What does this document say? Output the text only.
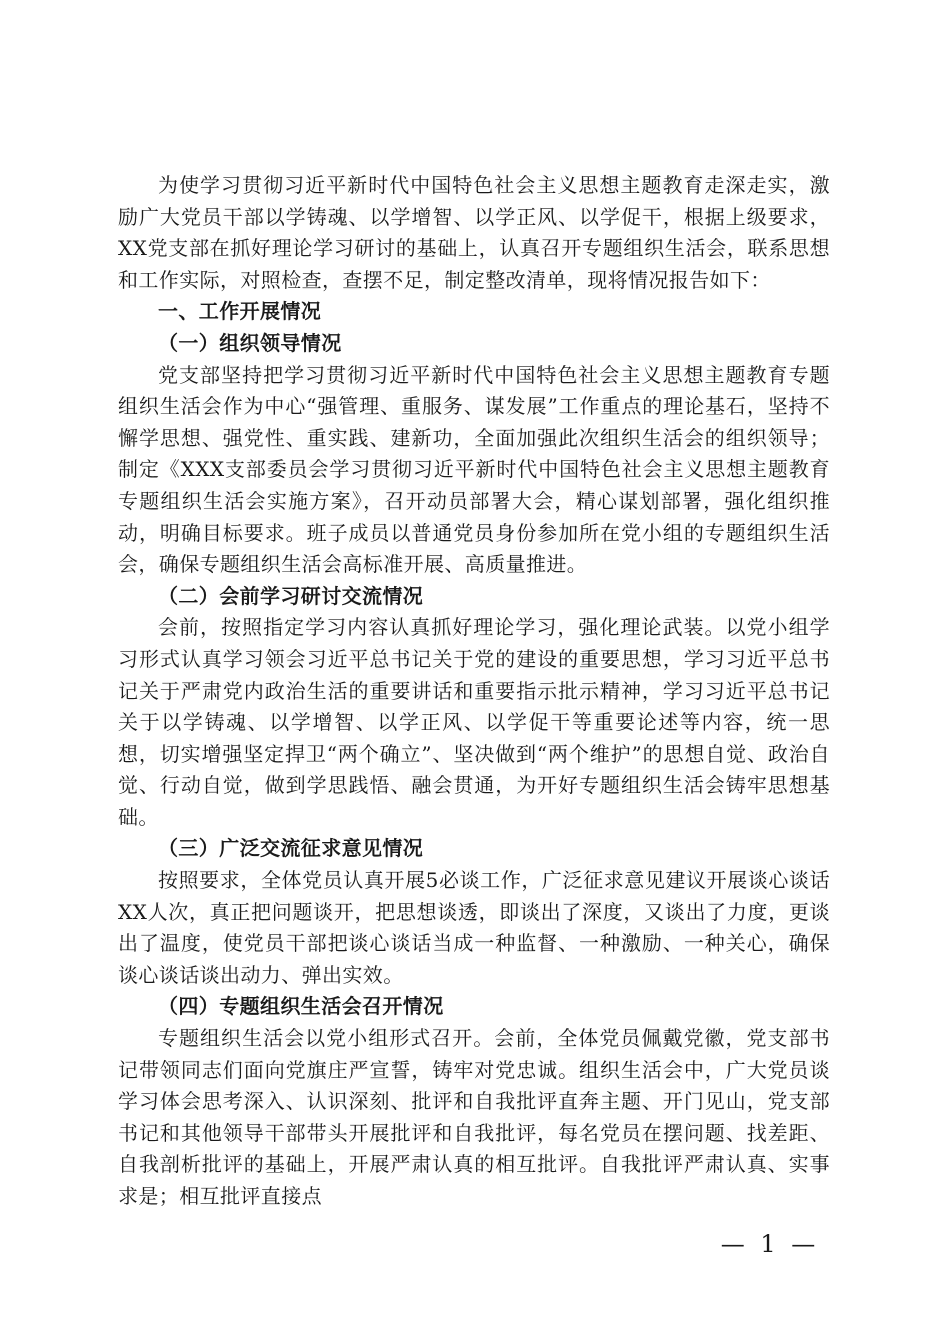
为使学习贯彻习近平新时代中国特色社会主义思想主题教育走深走实，激励广大党员干部以学铸魂、以学增智、以学正风、以学促干，根据上级要求，XX党支部在抓好理论学习研讨的基础上，认真召开专题组织生活会，联系思想和工作实际，对照检查，查摆不足，制定整改清单，现将情况报告如下：

一、工作开展情况

（一）组织领导情况

党支部坚持把学习贯彻习近平新时代中国特色社会主义思想主题教育专题组织生活会作为中心“强管理、重服务、谋发展”工作重点的理论基石，坚持不懈学思想、强党性、重实践、建新功，全面加强此次组织生活会的组织领导；制定《XXX支部委员会学习贯彻习近平新时代中国特色社会主义思想主题教育专题组织生活会实施方案》，召开动员部署大会，精心谋划部署，强化组织推动，明确目标要求。班子成员以普通党员身份参加所在党小组的专题组织生活会，确保专题组织生活会高标准开展、高质量推进。

（二）会前学习研讨交流情况

会前，按照指定学习内容认真抓好理论学习，强化理论武装。以党小组学习形式认真学习领会习近平总书记关于党的建设的重要思想，学习习近平总书记关于严肃党内政治生活的重要讲话和重要指示批示精神，学习习近平总书记关于以学铸魂、以学增智、以学正风、以学促干等重要论述等内容，统一思想，切实增强坚定捍卫“两个确立”、坚决做到“两个维护”的思想自觉、政治自觉、行动自觉，做到学思践悟、融会贯通，为开好专题组织生活会铸牢思想基础。

（三）广泛交流征求意见情况

按照要求，全体党员认真开展5必谈工作，广泛征求意见建议开展谈心谈话XX人次，真正把问题谈开，把思想谈透，即谈出了深度，又谈出了力度，更谈出了温度，使党员干部把谈心谈话当成一种监督、一种激励、一种关心，确保谈心谈话谈出动力、弹出实效。

（四）专题组织生活会召开情况

专题组织生活会以党小组形式召开。会前，全体党员佩戴党徽，党支部书记带领同志们面向党旗庄严宣誓，铸牢对党忠诚。组织生活会中，广大党员谈学习体会思考深入、认识深刻、批评和自我批评直奔主题、开门见山，党支部书记和其他领导干部带头开展批评和自我批评，每名党员在摆问题、找差距、自我剖析批评的基础上，开展严肃认真的相互批评。自我批评严肃认真、实事求是；相互批评直接点

— 1 —
